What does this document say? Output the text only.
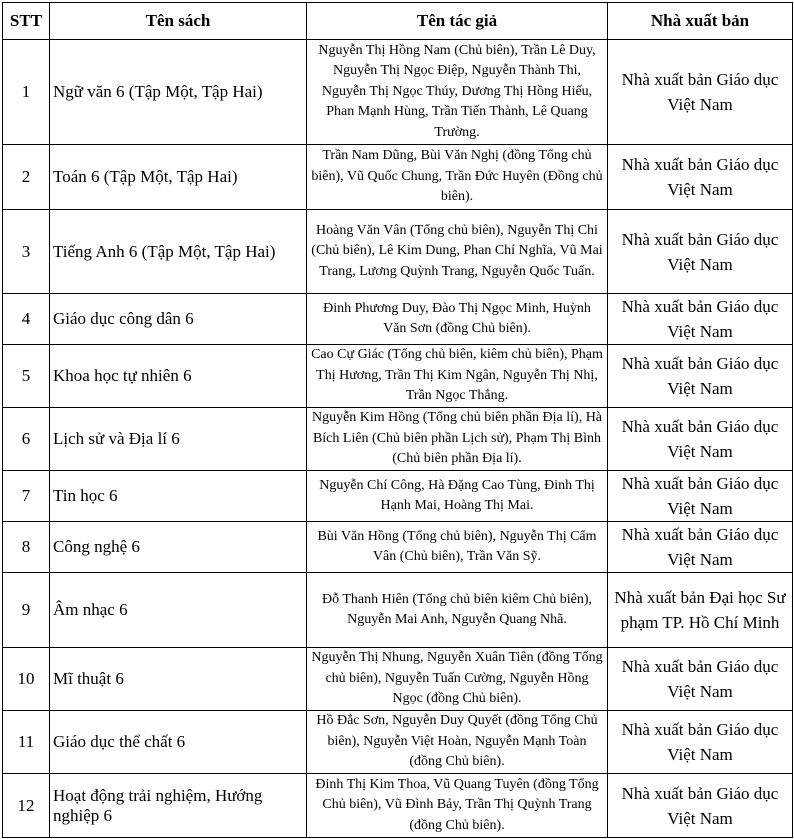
STT	Tên sách	Tên tác giả	Nhà xuất bản
1	Ngữ văn 6 (Tập Một, Tập Hai)	Nguyễn Thị Hồng Nam (Chủ biên), Trần Lê Duy, Nguyễn Thị Ngọc Điệp, Nguyễn Thành Thi, Nguyễn Thị Ngọc Thúy, Dương Thị Hồng Hiếu, Phan Mạnh Hùng, Trần Tiến Thành, Lê Quang Trường.	Nhà xuất bản Giáo dục Việt Nam
2	Toán 6 (Tập Một, Tập Hai)	Trần Nam Dũng, Bùi Văn Nghị (đồng Tổng chủ biên), Vũ Quốc Chung, Trần Đức Huyên (Đồng chủ biên).	Nhà xuất bản Giáo dục Việt Nam
3	Tiếng Anh 6 (Tập Một, Tập Hai)	Hoàng Văn Vân (Tổng chủ biên), Nguyễn Thị Chi (Chủ biên), Lê Kim Dung, Phan Chí Nghĩa, Vũ Mai Trang, Lương Quỳnh Trang, Nguyễn Quốc Tuấn.	Nhà xuất bản Giáo dục Việt Nam
4	Giáo dục công dân 6	Đinh Phương Duy, Đào Thị Ngọc Minh, Huỳnh Văn Sơn (đồng Chủ biên).	Nhà xuất bản Giáo dục Việt Nam
5	Khoa học tự nhiên 6	Cao Cự Giác (Tổng chủ biên, kiêm chủ biên), Phạm Thị Hương, Trần Thị Kim Ngân, Nguyễn Thị Nhị, Trần Ngọc Thắng.	Nhà xuất bản Giáo dục Việt Nam
6	Lịch sử và Địa lí 6	Nguyễn Kim Hồng (Tổng chủ biên phần Địa lí), Hà Bích Liên (Chủ biên phần Lịch sử), Phạm Thị Bình (Chủ biên phần Địa lí).	Nhà xuất bản Giáo dục Việt Nam
7	Tin học 6	Nguyễn Chí Công, Hà Đặng Cao Tùng, Đinh Thị Hạnh Mai, Hoàng Thị Mai.	Nhà xuất bản Giáo dục Việt Nam
8	Công nghệ 6	Bùi Văn Hồng (Tổng chủ biên), Nguyễn Thị Cẩm Vân (Chủ biên), Trần Văn Sỹ.	Nhà xuất bản Giáo dục Việt Nam
9	Âm nhạc 6	Đỗ Thanh Hiên (Tổng chủ biên kiêm Chủ biên), Nguyễn Mai Anh, Nguyễn Quang Nhã.	Nhà xuất bản Đại học Sư phạm TP. Hồ Chí Minh
10	Mĩ thuật 6	Nguyễn Thị Nhung, Nguyễn Xuân Tiên (đồng Tổng chủ biên), Nguyễn Tuấn Cường, Nguyễn Hồng Ngọc (đồng Chủ biên).	Nhà xuất bản Giáo dục Việt Nam
11	Giáo dục thể chất 6	Hồ Đắc Sơn, Nguyễn Duy Quyết (đồng Tổng Chủ biên), Nguyễn Việt Hoàn, Nguyễn Mạnh Toàn (đồng Chủ biên).	Nhà xuất bản Giáo dục Việt Nam
12	Hoạt động trải nghiệm, Hướng nghiệp 6	Đinh Thị Kim Thoa, Vũ Quang Tuyên (đồng Tổng Chủ biên), Vũ Đình Bảy, Trần Thị Quỳnh Trang (đồng Chủ biên).	Nhà xuất bản Giáo dục Việt Nam
